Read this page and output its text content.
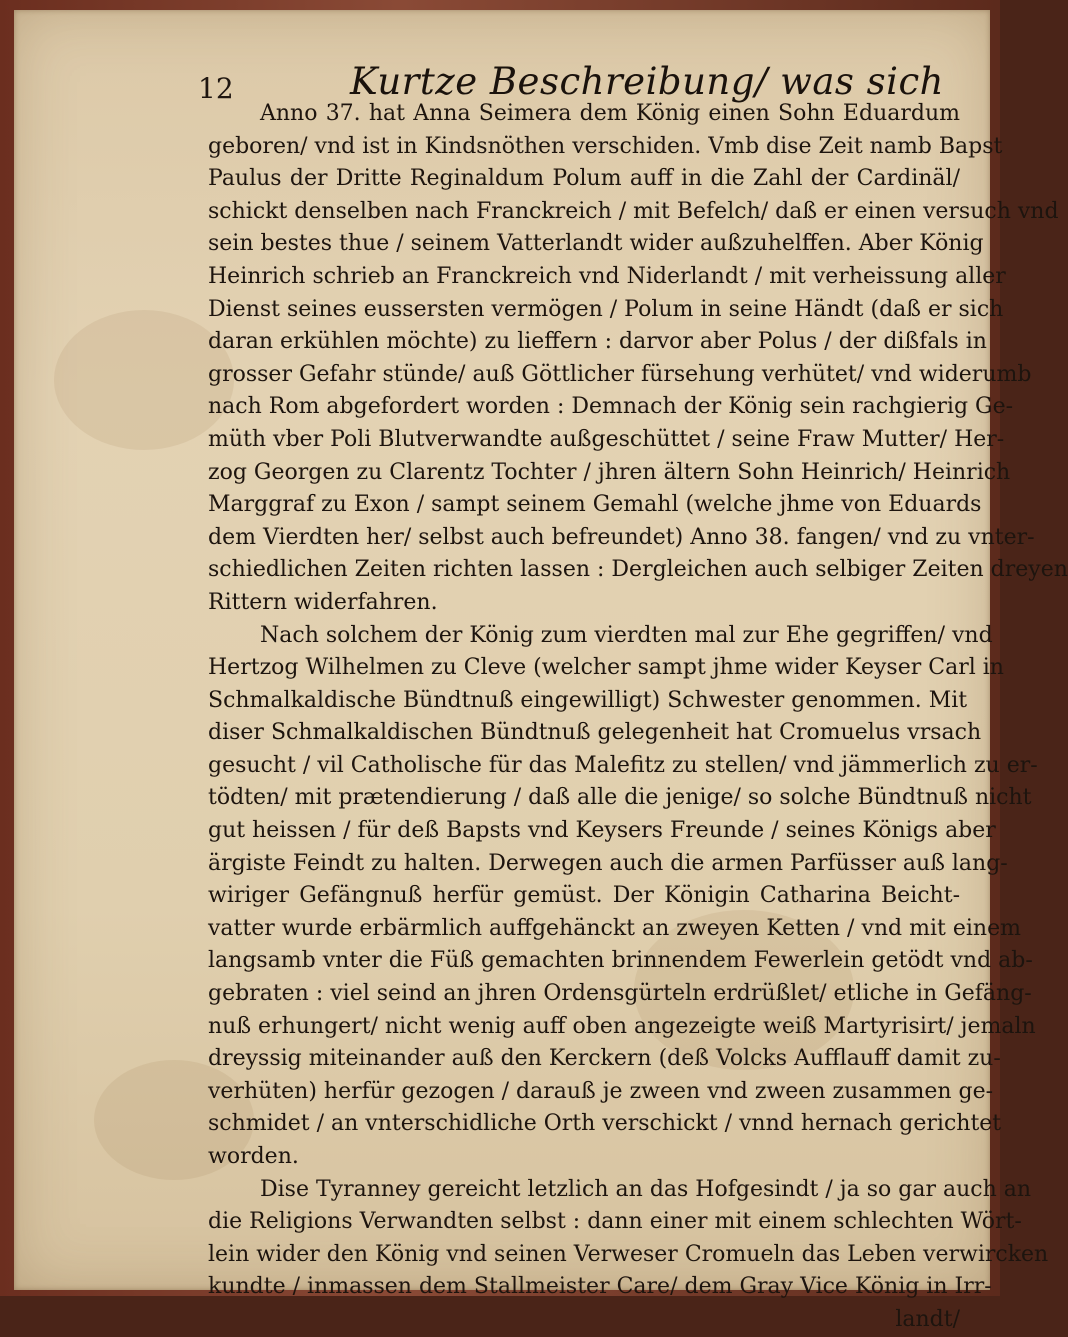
12	Kurtze Beschreibung/ was sich
Anno 37. hat Anna Seimera dem König einen Sohn Eduardum
geboren/ vnd ist in Kindsnöthen verschiden. Vmb dise Zeit namb Bapst
Paulus der Dritte Reginaldum Polum auff in die Zahl der Cardinäl/
schickt denselben nach Franckreich / mit Befelch/ daß er einen versuch vnd
sein bestes thue / seinem Vatterlandt wider außzuhelffen. Aber König
Heinrich schrieb an Franckreich vnd Niderlandt / mit verheissung aller
Dienst seines eussersten vermögen / Polum in seine Händt (daß er sich
daran erkühlen möchte) zu lieffern : darvor aber Polus / der dißfals in
grosser Gefahr stünde/ auß Göttlicher fürsehung verhütet/ vnd widerumb
nach Rom abgefordert worden : Demnach der König sein rachgierig Ge-
müth vber Poli Blutverwandte außgeschüttet / seine Fraw Mutter/ Her-
zog Georgen zu Clarentz Tochter / jhren ältern Sohn Heinrich/ Heinrich
Marggraf zu Exon / sampt seinem Gemahl (welche jhme von Eduards
dem Vierdten her/ selbst auch befreundet) Anno 38. fangen/ vnd zu vnter-
schiedlichen Zeiten richten lassen : Dergleichen auch selbiger Zeiten dreyen
Rittern widerfahren.
Nach solchem der König zum vierdten mal zur Ehe gegriffen/ vnd
Hertzog Wilhelmen zu Cleve (welcher sampt jhme wider Keyser Carl in
Schmalkaldische Bündtnuß eingewilligt) Schwester genommen. Mit
diser Schmalkaldischen Bündtnuß gelegenheit hat Cromuelus vrsach
gesucht / vil Catholische für das Malefitz zu stellen/ vnd jämmerlich zu er-
tödten/ mit prætendierung / daß alle die jenige/ so solche Bündtnuß nicht
gut heissen / für deß Bapsts vnd Keysers Freunde / seines Königs aber
ärgiste Feindt zu halten. Derwegen auch die armen Parfüsser auß lang-
wiriger Gefängnuß herfür gemüst. Der Königin Catharina Beicht-
vatter wurde erbärmlich auffgehänckt an zweyen Ketten / vnd mit einem
langsamb vnter die Füß gemachten brinnendem Fewerlein getödt vnd ab-
gebraten : viel seind an jhren Ordensgürteln erdrüßlet/ etliche in Gefäng-
nuß erhungert/ nicht wenig auff oben angezeigte weiß Martyrisirt/ jemaln
dreyssig miteinander auß den Kerckern (deß Volcks Aufflauff damit zu-
verhüten) herfür gezogen / darauß je zween vnd zween zusammen ge-
schmidet / an vnterschidliche Orth verschickt / vnnd hernach gerichtet
worden.
Dise Tyranney gereicht letzlich an das Hofgesindt / ja so gar auch an
die Religions Verwandten selbst : dann einer mit einem schlechten Wört-
lein wider den König vnd seinen Verweser Cromueln das Leben verwircken
kundte / inmassen dem Stallmeister Care/ dem Gray Vice König in Irr-
landt/
